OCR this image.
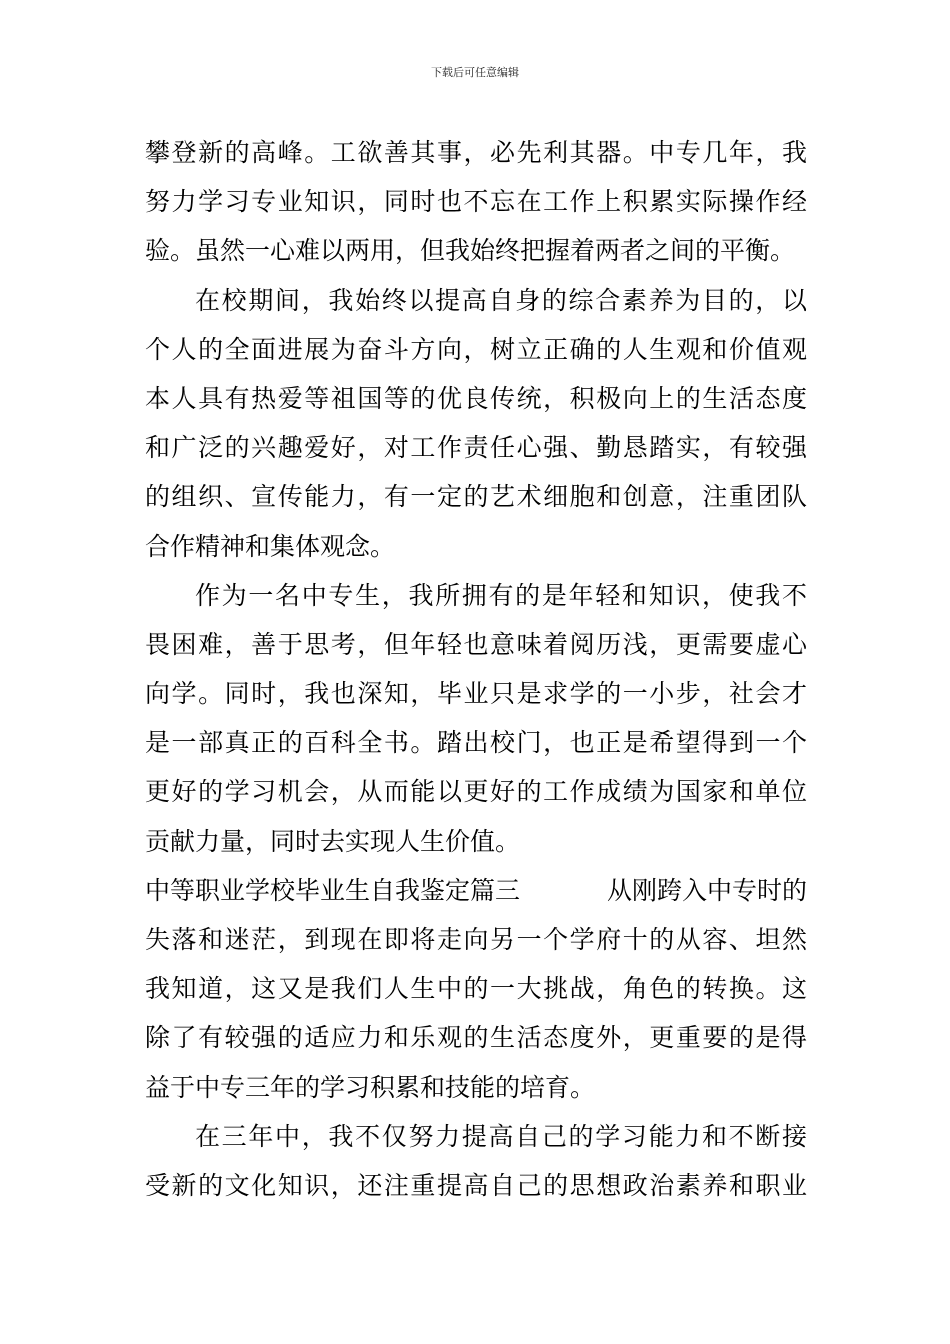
下载后可任意编辑
攀登新的高峰。工欲善其事，必先利其器。中专几年，我
努力学习专业知识，同时也不忘在工作上积累实际操作经
验。虽然一心难以两用，但我始终把握着两者之间的平衡。
在校期间，我始终以提高自身的综合素养为目的，以
个人的全面进展为奋斗方向，树立正确的人生观和价值观
本人具有热爱等祖国等的优良传统，积极向上的生活态度
和广泛的兴趣爱好，对工作责任心强、勤恳踏实，有较强
的组织、宣传能力，有一定的艺术细胞和创意，注重团队
合作精神和集体观念。
作为一名中专生，我所拥有的是年轻和知识，使我不
畏困难，善于思考，但年轻也意味着阅历浅，更需要虚心
向学。同时，我也深知，毕业只是求学的一小步，社会才
是一部真正的百科全书。踏出校门，也正是希望得到一个
更好的学习机会，从而能以更好的工作成绩为国家和单位
贡献力量，同时去实现人生价值。
中等职业学校毕业生自我鉴定篇三	从刚跨入中专时的
失落和迷茫，到现在即将走向另一个学府十的从容、坦然
我知道，这又是我们人生中的一大挑战，角色的转换。这
除了有较强的适应力和乐观的生活态度外，更重要的是得
益于中专三年的学习积累和技能的培育。
在三年中，我不仅努力提高自己的学习能力和不断接
受新的文化知识，还注重提高自己的思想政治素养和职业
